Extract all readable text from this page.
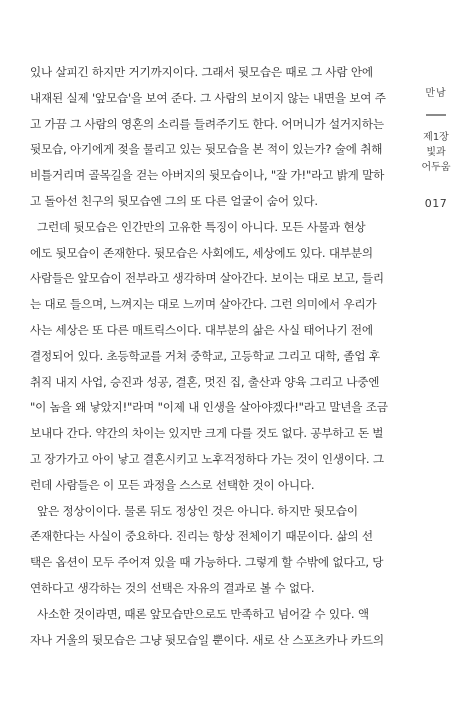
있나 살피긴 하지만 거기까지이다. 그래서 뒷모습은 때로 그 사람 안에
내재된 실제 '앞모습'을 보여 준다. 그 사람의 보이지 않는 내면을 보여 주
고 가끔 그 사람의 영혼의 소리를 들려주기도 한다. 어머니가 설거지하는
뒷모습, 아기에게 젖을 물리고 있는 뒷모습을 본 적이 있는가? 술에 취해
비틀거리며 골목길을 걷는 아버지의 뒷모습이나, "잘 가!"라고 밝게 말하
고 돌아선 친구의 뒷모습엔 그의 또 다른 얼굴이 숨어 있다.
그런데 뒷모습은 인간만의 고유한 특징이 아니다. 모든 사물과 현상
에도 뒷모습이 존재한다. 뒷모습은 사회에도, 세상에도 있다. 대부분의
사람들은 앞모습이 전부라고 생각하며 살아간다. 보이는 대로 보고, 들리
는 대로 들으며, 느껴지는 대로 느끼며 살아간다. 그런 의미에서 우리가
사는 세상은 또 다른 매트릭스이다. 대부분의 삶은 사실 태어나기 전에
결정되어 있다. 초등학교를 거쳐 중학교, 고등학교 그리고 대학, 졸업 후
취직 내지 사업, 승진과 성공, 결혼, 멋진 집, 출산과 양육 그리고 나중엔
"이 놈을 왜 낳았지!"라며 "이제 내 인생을 살아야겠다!"라고 말년을 조금
보내다 간다. 약간의 차이는 있지만 크게 다를 것도 없다. 공부하고 돈 벌
고 장가가고 아이 낳고 결혼시키고 노후걱정하다 가는 것이 인생이다. 그
런데 사람들은 이 모든 과정을 스스로 선택한 것이 아니다.
앞은 정상이이다. 물론 뒤도 정상인 것은 아니다. 하지만 뒷모습이
존재한다는 사실이 중요하다. 진리는 항상 전체이기 때문이다. 삶의 선
택은 옵션이 모두 주어져 있을 때 가능하다. 그렇게 할 수밖에 없다고, 당
연하다고 생각하는 것의 선택은 자유의 결과로 볼 수 없다.
사소한 것이라면, 때론 앞모습만으로도 만족하고 넘어갈 수 있다. 액
자나 거울의 뒷모습은 그냥 뒷모습일 뿐이다. 새로 산 스포츠카나 카드의
만남
제1장
빛과
어두움
017
